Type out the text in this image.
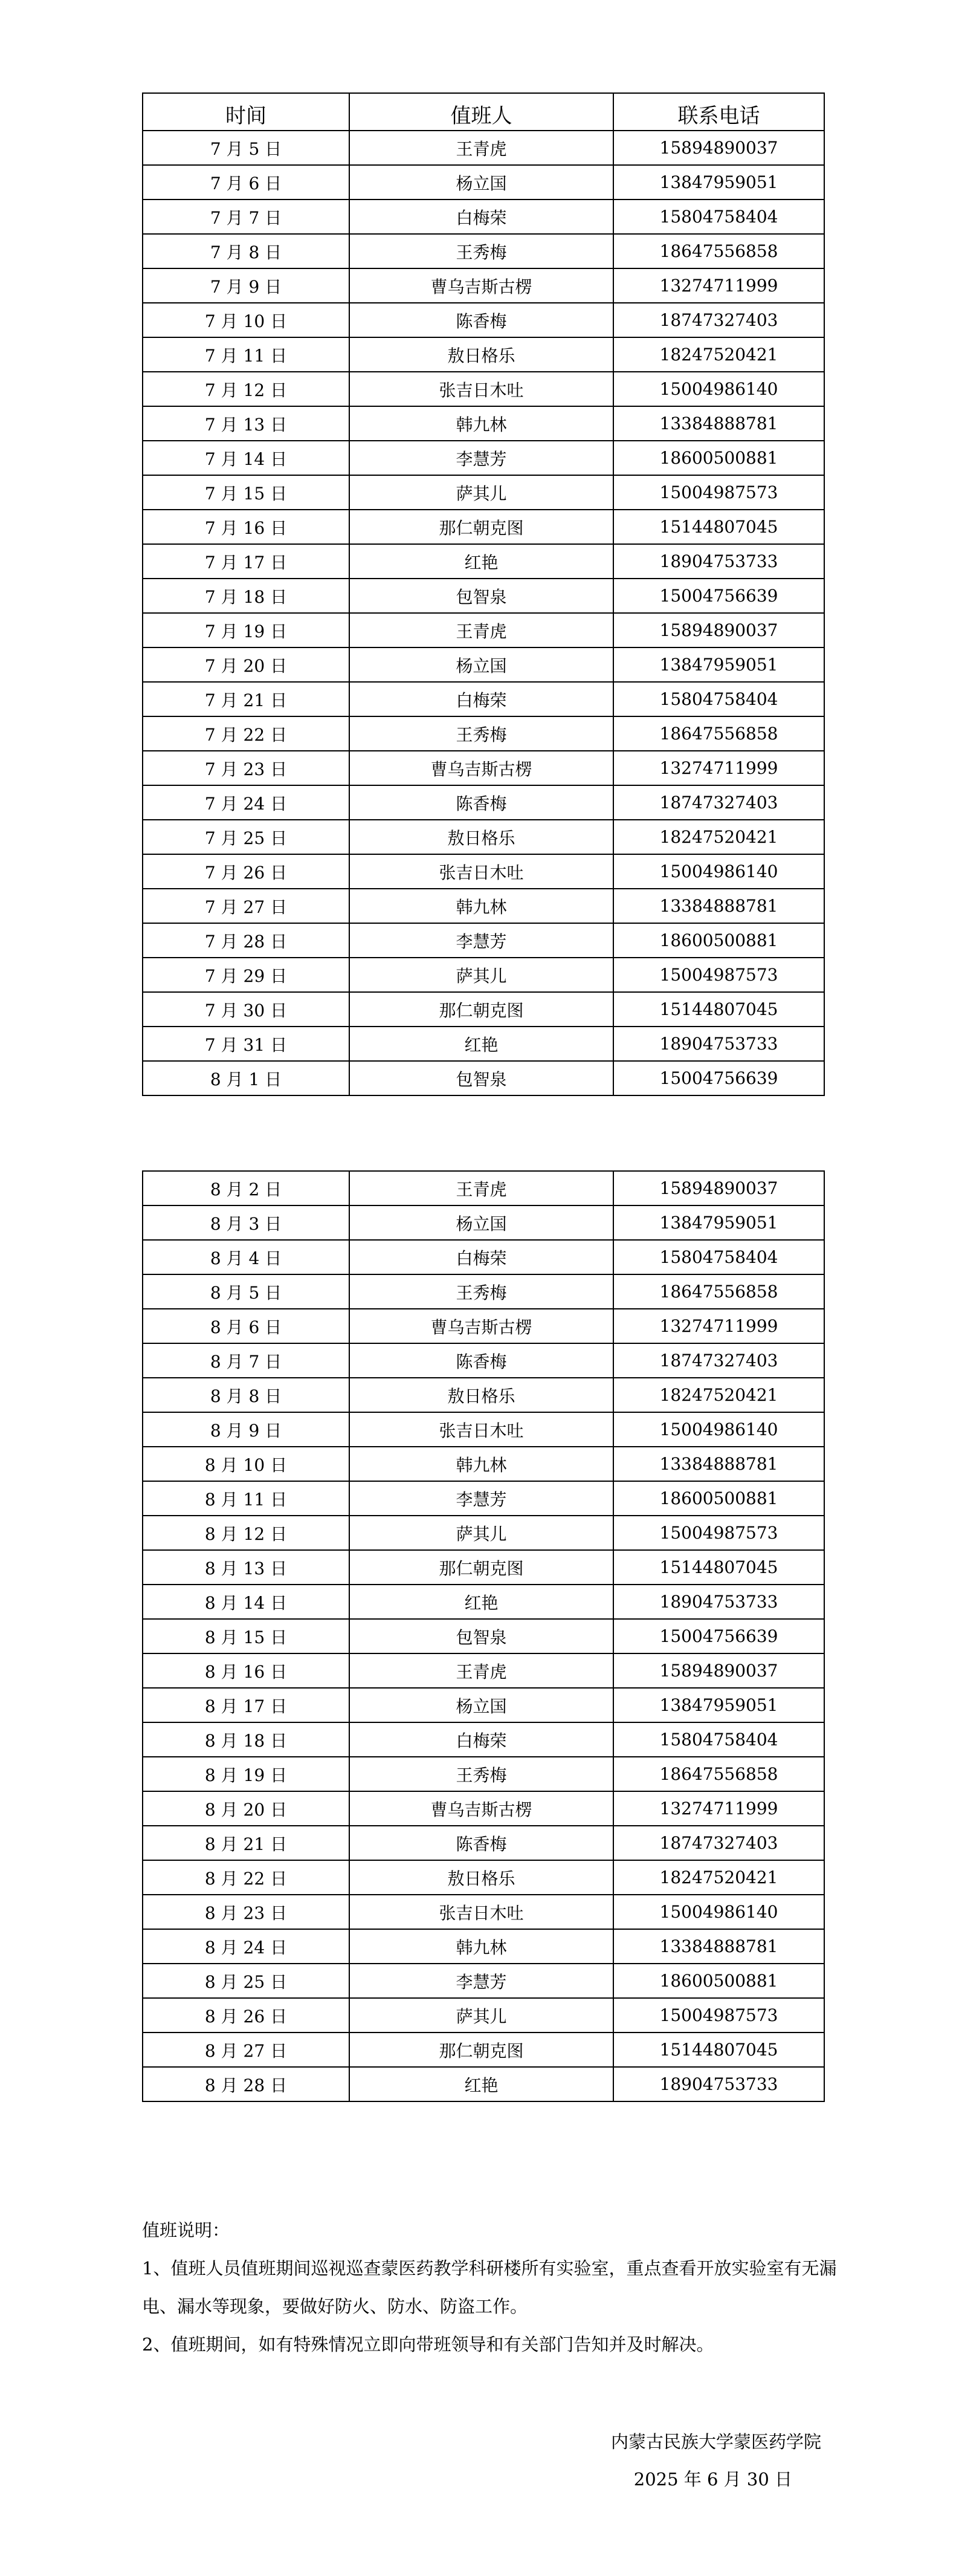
时间	值班人	联系电话
7 月 5 日	王青虎	15894890037
7 月 6 日	杨立国	13847959051
7 月 7 日	白梅荣	15804758404
7 月 8 日	王秀梅	18647556858
7 月 9 日	曹乌吉斯古楞	13274711999
7 月 10 日	陈香梅	18747327403
7 月 11 日	敖日格乐	18247520421
7 月 12 日	张吉日木吐	15004986140
7 月 13 日	韩九林	13384888781
7 月 14 日	李慧芳	18600500881
7 月 15 日	萨其儿	15004987573
7 月 16 日	那仁朝克图	15144807045
7 月 17 日	红艳	18904753733
7 月 18 日	包智泉	15004756639
7 月 19 日	王青虎	15894890037
7 月 20 日	杨立国	13847959051
7 月 21 日	白梅荣	15804758404
7 月 22 日	王秀梅	18647556858
7 月 23 日	曹乌吉斯古楞	13274711999
7 月 24 日	陈香梅	18747327403
7 月 25 日	敖日格乐	18247520421
7 月 26 日	张吉日木吐	15004986140
7 月 27 日	韩九林	13384888781
7 月 28 日	李慧芳	18600500881
7 月 29 日	萨其儿	15004987573
7 月 30 日	那仁朝克图	15144807045
7 月 31 日	红艳	18904753733
8 月 1 日	包智泉	15004756639
8 月 2 日	王青虎	15894890037
8 月 3 日	杨立国	13847959051
8 月 4 日	白梅荣	15804758404
8 月 5 日	王秀梅	18647556858
8 月 6 日	曹乌吉斯古楞	13274711999
8 月 7 日	陈香梅	18747327403
8 月 8 日	敖日格乐	18247520421
8 月 9 日	张吉日木吐	15004986140
8 月 10 日	韩九林	13384888781
8 月 11 日	李慧芳	18600500881
8 月 12 日	萨其儿	15004987573
8 月 13 日	那仁朝克图	15144807045
8 月 14 日	红艳	18904753733
8 月 15 日	包智泉	15004756639
8 月 16 日	王青虎	15894890037
8 月 17 日	杨立国	13847959051
8 月 18 日	白梅荣	15804758404
8 月 19 日	王秀梅	18647556858
8 月 20 日	曹乌吉斯古楞	13274711999
8 月 21 日	陈香梅	18747327403
8 月 22 日	敖日格乐	18247520421
8 月 23 日	张吉日木吐	15004986140
8 月 24 日	韩九林	13384888781
8 月 25 日	李慧芳	18600500881
8 月 26 日	萨其儿	15004987573
8 月 27 日	那仁朝克图	15144807045
8 月 28 日	红艳	18904753733

值班说明：

1、值班人员值班期间巡视巡查蒙医药教学科研楼所有实验室，重点查看开放实验室有无漏电、漏水等现象，要做好防火、防水、防盗工作。

2、值班期间，如有特殊情况立即向带班领导和有关部门告知并及时解决。

内蒙古民族大学蒙医药学院
2025 年 6 月 30 日
